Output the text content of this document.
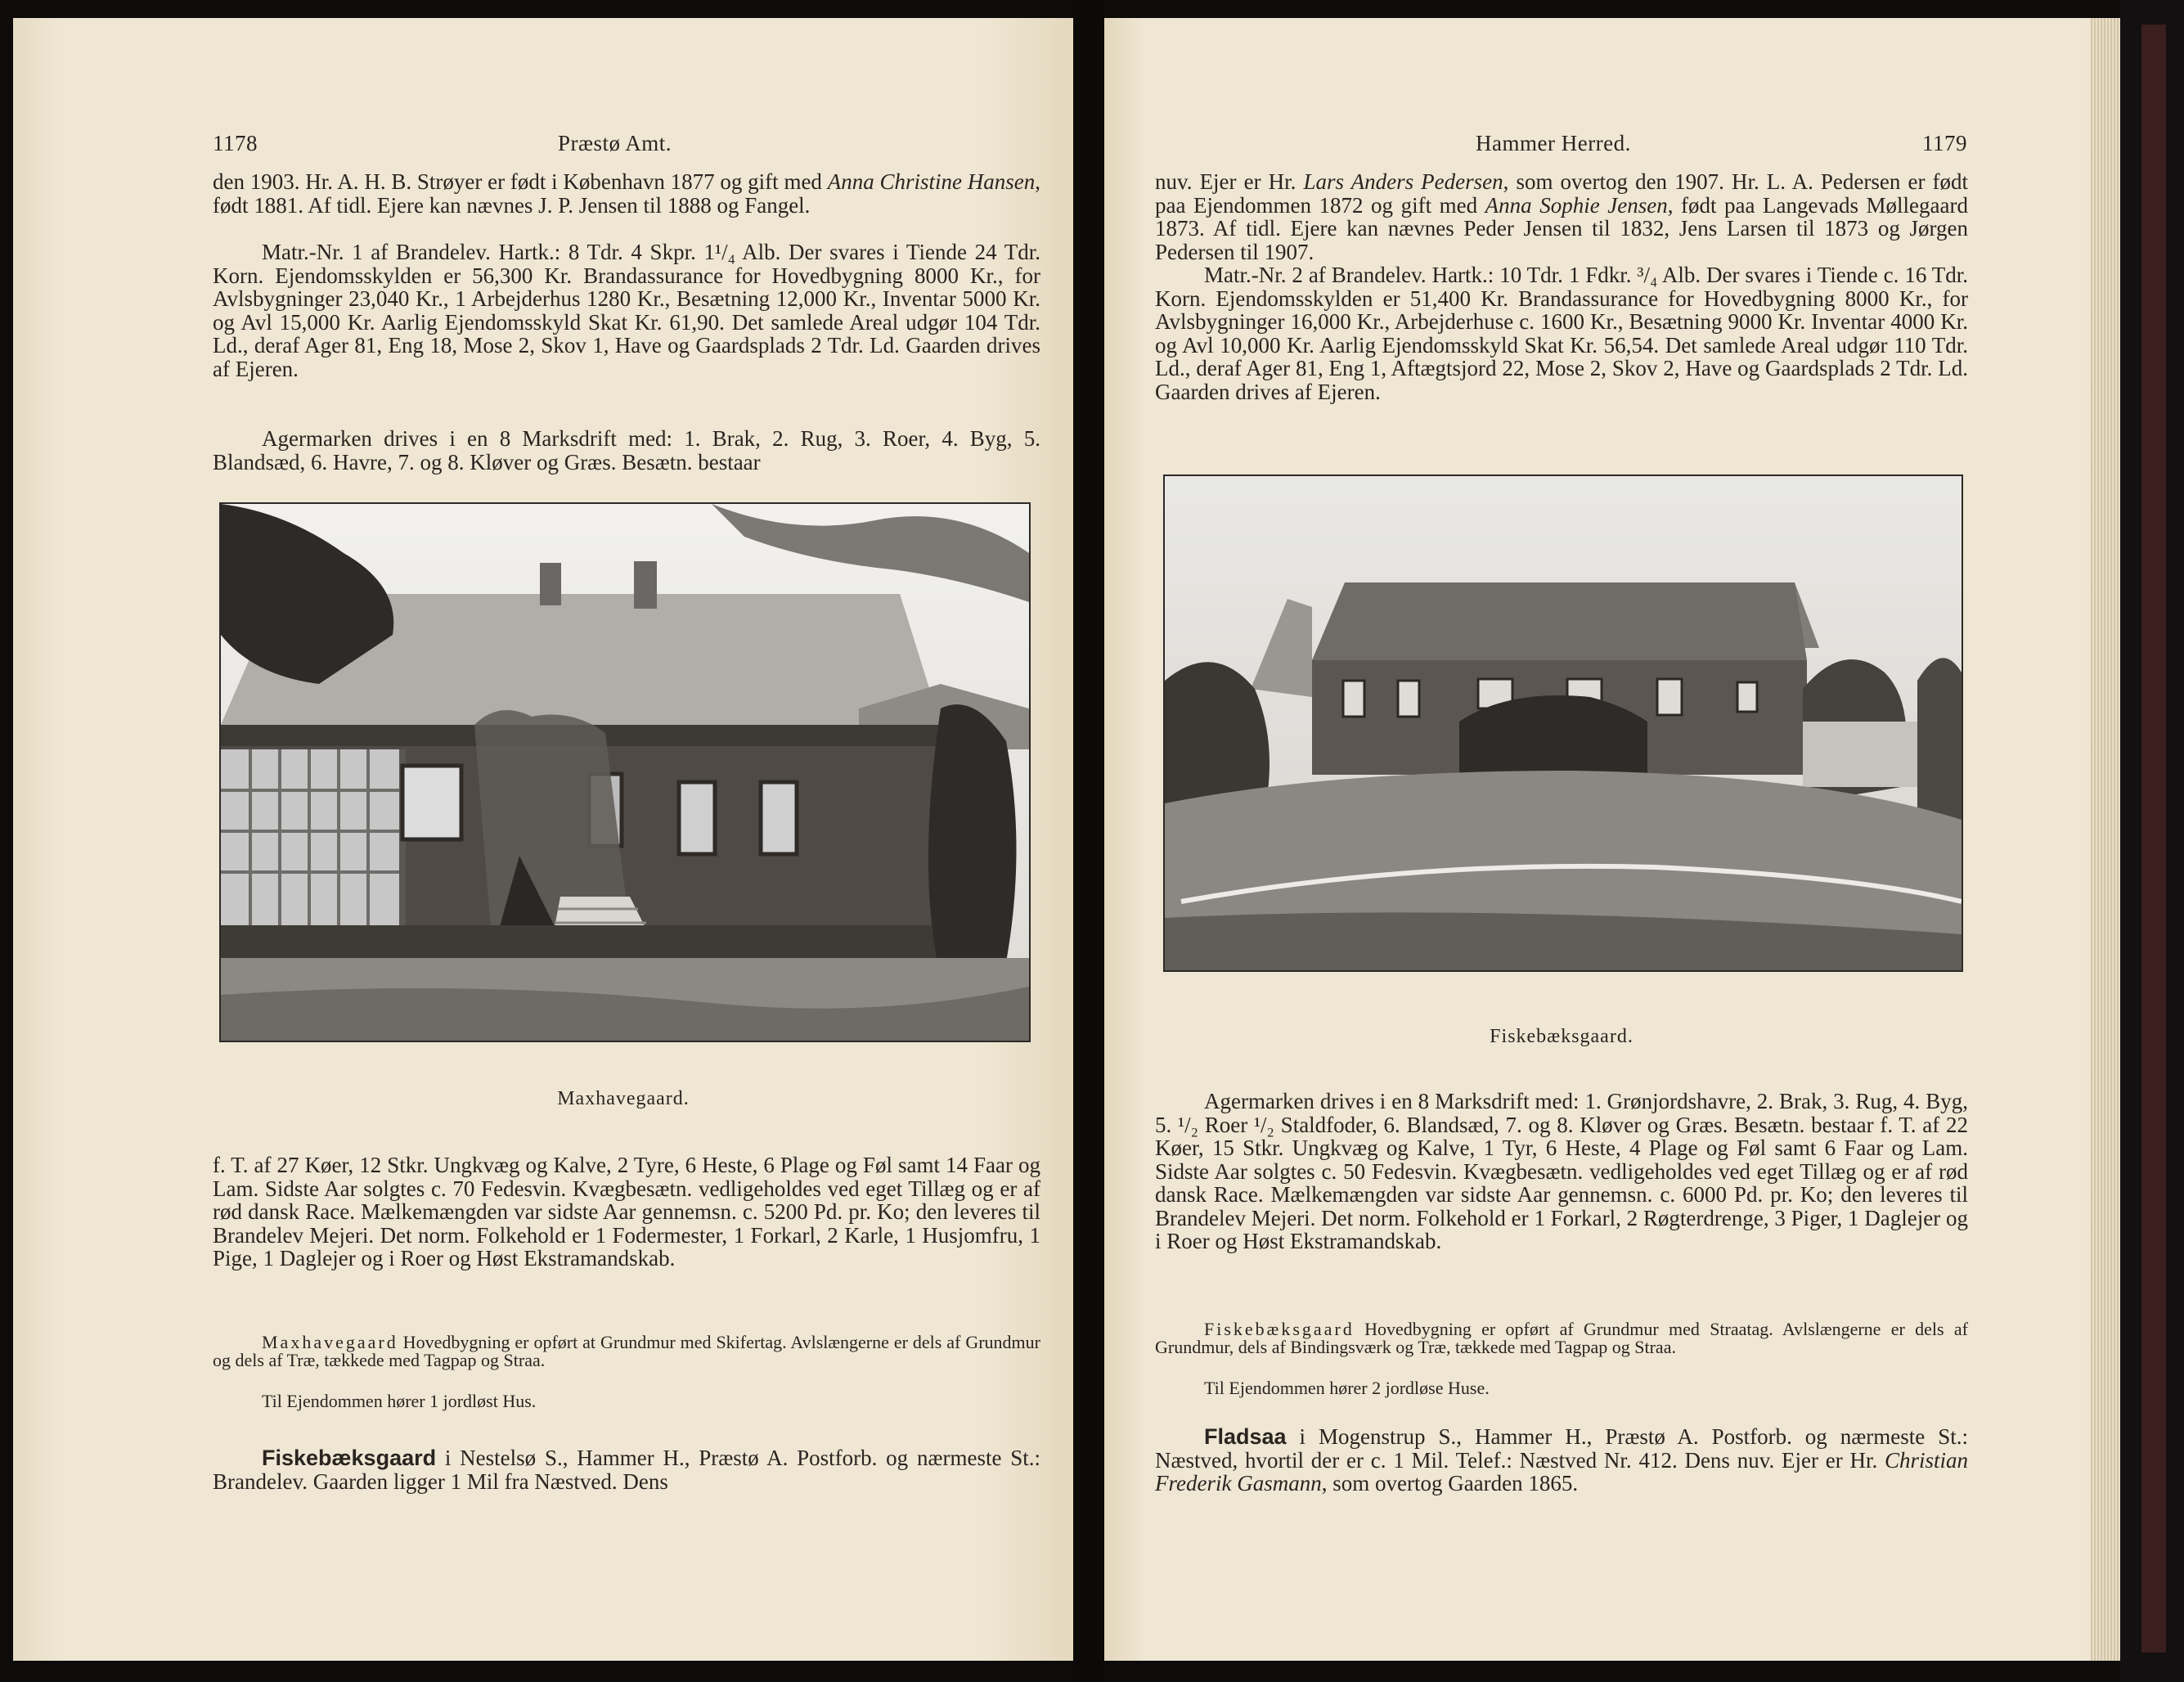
1178	Præstø Amt.

den 1903. Hr. A. H. B. Strøyer er født i København 1877 og gift med Anna Christine Hansen, født 1881. Af tidl. Ejere kan nævnes J. P. Jensen til 1888 og Fangel.

Matr.-Nr. 1 af Brandelev. Hartk.: 8 Tdr. 4 Skpr. 1¹/₄ Alb. Der svares i Tiende 24 Tdr. Korn. Ejendomsskylden er 56,300 Kr. Brandassurance for Hovedbygning 8000 Kr., for Avlsbygninger 23,040 Kr., 1 Arbejderhus 1280 Kr., Besætning 12,000 Kr., Inventar 5000 Kr. og Avl 15,000 Kr. Aarlig Ejendomsskyld Skat Kr. 61,90. Det samlede Areal udgør 104 Tdr. Ld., deraf Ager 81, Eng 18, Mose 2, Skov 1, Have og Gaardsplads 2 Tdr. Ld. Gaarden drives af Ejeren.

Agermarken drives i en 8 Marksdrift med: 1. Brak, 2. Rug, 3. Roer, 4. Byg, 5. Blandsæd, 6. Havre, 7. og 8. Kløver og Græs. Besætn. bestaar

Maxhavegaard.

f. T. af 27 Køer, 12 Stkr. Ungkvæg og Kalve, 2 Tyre, 6 Heste, 6 Plage og Føl samt 14 Faar og Lam. Sidste Aar solgtes c. 70 Fedesvin. Kvægbesætn. vedligeholdes ved eget Tillæg og er af rød dansk Race. Mælkemængden var sidste Aar gennemsn. c. 5200 Pd. pr. Ko; den leveres til Brandelev Mejeri. Det norm. Folkehold er 1 Fodermester, 1 Forkarl, 2 Karle, 1 Husjomfru, 1 Pige, 1 Daglejer og i Roer og Høst Ekstramandskab.

Maxhavegaard Hovedbygning er opført at Grundmur med Skifertag. Avlslængerne er dels af Grundmur og dels af Træ, tækkede med Tagpap og Straa.

Til Ejendommen hører 1 jordløst Hus.

Fiskebæksgaard i Nestelsø S., Hammer H., Præstø A. Postforb. og nærmeste St.: Brandelev. Gaarden ligger 1 Mil fra Næstved. Dens

Hammer Herred.	1179

nuv. Ejer er Hr. Lars Anders Pedersen, som overtog den 1907. Hr. L. A. Pedersen er født paa Ejendommen 1872 og gift med Anna Sophie Jensen, født paa Langevads Møllegaard 1873. Af tidl. Ejere kan nævnes Peder Jensen til 1832, Jens Larsen til 1873 og Jørgen Pedersen til 1907.

Matr.-Nr. 2 af Brandelev. Hartk.: 10 Tdr. 1 Fdkr. ³/₄ Alb. Der svares i Tiende c. 16 Tdr. Korn. Ejendomsskylden er 51,400 Kr. Brandassurance for Hovedbygning 8000 Kr., for Avlsbygninger 16,000 Kr., Arbejderhuse c. 1600 Kr., Besætning 9000 Kr. Inventar 4000 Kr. og Avl 10,000 Kr. Aarlig Ejendomsskyld Skat Kr. 56,54. Det samlede Areal udgør 110 Tdr. Ld., deraf Ager 81, Eng 1, Aftægtsjord 22, Mose 2, Skov 2, Have og Gaardsplads 2 Tdr. Ld. Gaarden drives af Ejeren.

Fiskebæksgaard.

Agermarken drives i en 8 Marksdrift med: 1. Grønjordshavre, 2. Brak, 3. Rug, 4. Byg, 5. ¹/₂ Roer ¹/₂ Staldfoder, 6. Blandsæd, 7. og 8. Kløver og Græs. Besætn. bestaar f. T. af 22 Køer, 15 Stkr. Ungkvæg og Kalve, 1 Tyr, 6 Heste, 4 Plage og Føl samt 6 Faar og Lam. Sidste Aar solgtes c. 50 Fedesvin. Kvægbesætn. vedligeholdes ved eget Tillæg og er af rød dansk Race. Mælkemængden var sidste Aar gennemsn. c. 6000 Pd. pr. Ko; den leveres til Brandelev Mejeri. Det norm. Folkehold er 1 Forkarl, 2 Røgterdrenge, 3 Piger, 1 Daglejer og i Roer og Høst Ekstramandskab.

Fiskebæksgaard Hovedbygning er opført af Grundmur med Straatag. Avlslængerne er dels af Grundmur, dels af Bindingsværk og Træ, tækkede med Tagpap og Straa.

Til Ejendommen hører 2 jordløse Huse.

Fladsaa i Mogenstrup S., Hammer H., Præstø A. Postforb. og nærmeste St.: Næstved, hvortil der er c. 1 Mil. Telef.: Næstved Nr. 412. Dens nuv. Ejer er Hr. Christian Frederik Gasmann, som overtog Gaarden 1865.
